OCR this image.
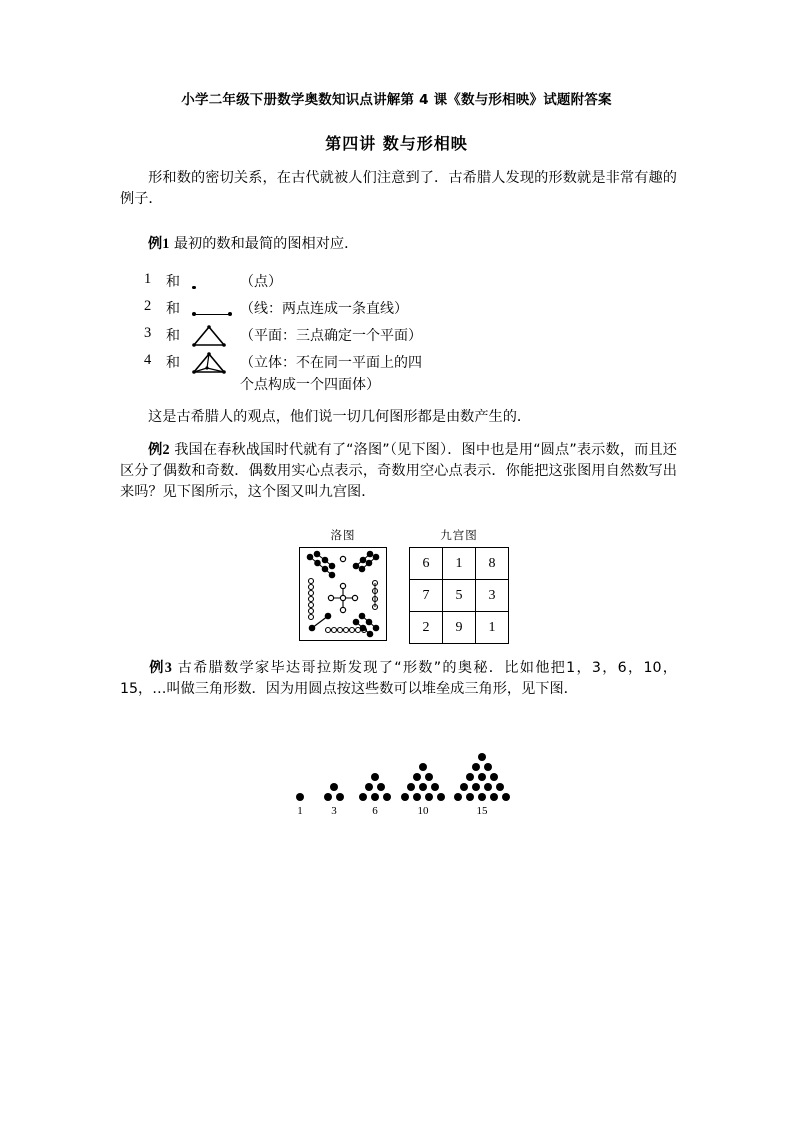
小学二年级下册数学奥数知识点讲解第 4 课《数与形相映》试题附答案
第四讲 数与形相映
形和数的密切关系，在古代就被人们注意到了．古希腊人发现的形数就是非常有趣的例子．
例1 最初的数和最简的图相对应．
1	和	（点）
2	和	（线：两点连成一条直线）
3	和	（平面：三点确定一个平面）
4	和	（立体：不在同一平面上的四
个点构成一个四面体）
这是古希腊人的观点，他们说一切几何图形都是由数产生的．
例2 我国在春秋战国时代就有了“洛图”（见下图）．图中也是用“圆点”表示数，而且还区分了偶数和奇数．偶数用实心点表示，奇数用空心点表示．你能把这张图用自然数写出来吗？见下图所示，这个图又叫九宫图．
洛图	九宫图
6	1	8
7	5	3
2	9	1
例3 古希腊数学家毕达哥拉斯发现了“形数”的奥秘．比如他把1，3，6，10，15，…叫做三角形数．因为用圆点按这些数可以堆垒成三角形，见下图．
1	3	6	10	15
